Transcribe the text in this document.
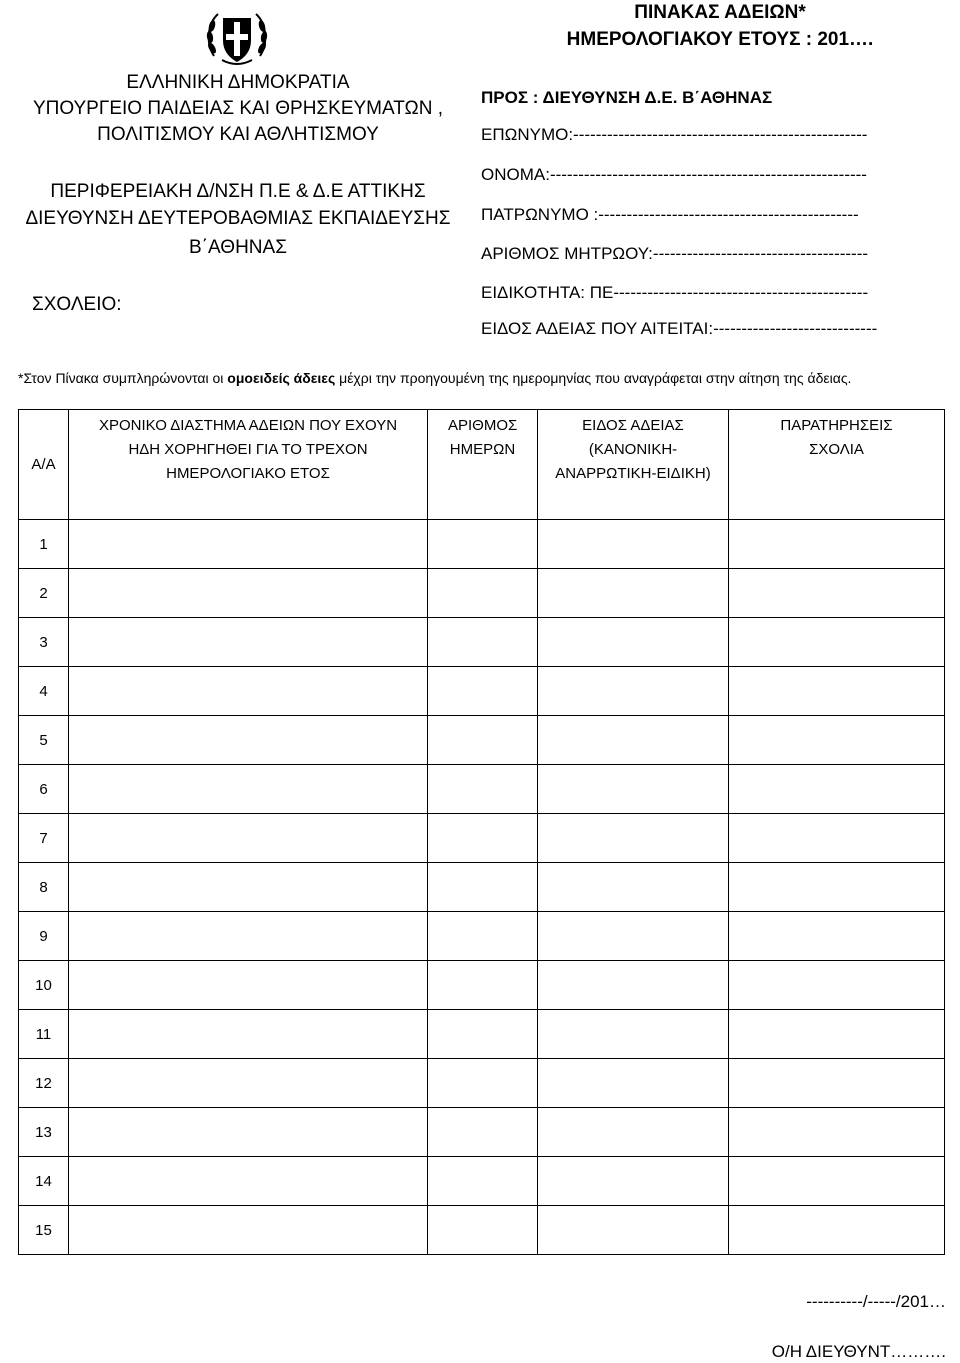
ΕΛΛΗΝΙΚΗ ΔΗΜΟΚΡΑΤΙΑ
ΥΠΟΥΡΓΕΙΟ ΠΑΙΔΕΙΑΣ ΚΑΙ ΘΡΗΣΚΕΥΜΑΤΩΝ ,
ΠΟΛΙΤΙΣΜΟΥ ΚΑΙ ΑΘΛΗΤΙΣΜΟΥ
ΠΕΡΙΦΕΡΕΙΑΚΗ Δ/ΝΣΗ Π.Ε & Δ.Ε ΑΤΤΙΚΗΣ
ΔΙΕΥΘΥΝΣΗ ΔΕΥΤΕΡΟΒΑΘΜΙΑΣ ΕΚΠΑΙΔΕΥΣΗΣ
Β΄ΑΘΗΝΑΣ
ΣΧΟΛΕΙΟ:
ΠΙΝΑΚΑΣ ΑΔΕΙΩΝ*
ΗΜΕΡΟΛΟΓΙΑΚΟΥ ΕΤΟΥΣ : 201….
ΠΡΟΣ : ΔΙΕΥΘΥΝΣΗ Δ.Ε. Β΄ΑΘΗΝΑΣ
ΕΠΩΝΥΜΟ:----------------------------------------------------
ΟΝΟΜΑ:--------------------------------------------------------
ΠΑΤΡΩΝΥΜΟ :----------------------------------------------
ΑΡΙΘΜΟΣ ΜΗΤΡΩΟΥ:--------------------------------------
ΕΙΔΙΚΟΤΗΤΑ: ΠΕ---------------------------------------------
ΕΙΔΟΣ ΑΔΕΙΑΣ ΠΟΥ ΑΙΤΕΙΤΑΙ:-----------------------------
*Στον Πίνακα συμπληρώνονται οι ομοειδείς άδειες μέχρι την προηγουμένη της ημερομηνίας που αναγράφεται στην αίτηση της άδειας.
Α/Α	ΧΡΟΝΙΚΟ ΔΙΑΣΤΗΜΑ ΑΔΕΙΩΝ ΠΟΥ ΕΧΟΥΝ ΗΔΗ ΧΟΡΗΓΗΘΕΙ ΓΙΑ ΤΟ ΤΡΕΧΟΝ ΗΜΕΡΟΛΟΓΙΑΚΟ ΕΤΟΣ	ΑΡΙΘΜΟΣ ΗΜΕΡΩΝ	ΕΙΔΟΣ ΑΔΕΙΑΣ (ΚΑΝΟΝΙΚΗ-ΑΝΑΡΡΩΤΙΚΗ-ΕΙΔΙΚΗ)	ΠΑΡΑΤΗΡΗΣΕΙΣ ΣΧΟΛΙΑ
1				
2				
3				
4				
5				
6				
7				
8				
9				
10				
11				
12				
13				
14				
15				
----------/-----/201…
Ο/Η ΔΙΕΥΘΥΝΤ……….
